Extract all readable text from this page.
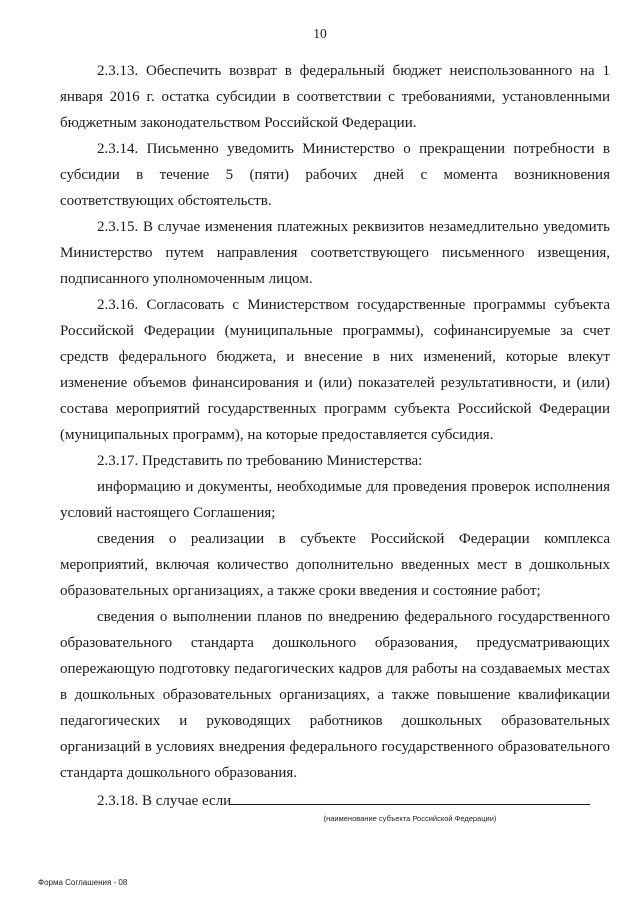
10

2.3.13. Обеспечить возврат в федеральный бюджет неиспользованного на 1 января 2016 г. остатка субсидии в соответствии с требованиями, установленными бюджетным законодательством Российской Федерации.

2.3.14. Письменно уведомить Министерство о прекращении потребности в субсидии в течение 5 (пяти) рабочих дней с момента возникновения соответствующих обстоятельств.

2.3.15. В случае изменения платежных реквизитов незамедлительно уведомить Министерство путем направления соответствующего письменного извещения, подписанного уполномоченным лицом.

2.3.16. Согласовать с Министерством государственные программы субъекта Российской Федерации (муниципальные программы), софинансируемые за счет средств федерального бюджета, и внесение в них изменений, которые влекут изменение объемов финансирования и (или) показателей результативности, и (или) состава мероприятий государственных программ субъекта Российской Федерации (муниципальных программ), на которые предоставляется субсидия.

2.3.17. Представить по требованию Министерства:

информацию и документы, необходимые для проведения проверок исполнения условий настоящего Соглашения;

сведения о реализации в субъекте Российской Федерации комплекса мероприятий, включая количество дополнительно введенных мест в дошкольных образовательных организациях, а также сроки введения и состояние работ;

сведения о выполнении планов по внедрению федерального государственного образовательного стандарта дошкольного образования, предусматривающих опережающую подготовку педагогических кадров для работы на создаваемых местах в дошкольных образовательных организациях, а также повышение квалификации педагогических и руководящих работников дошкольных образовательных организаций в условиях внедрения федерального государственного образовательного стандарта дошкольного образования.

2.3.18. В случае если
(наименование субъекта Российской Федерации)
Форма Соглашения - 08
